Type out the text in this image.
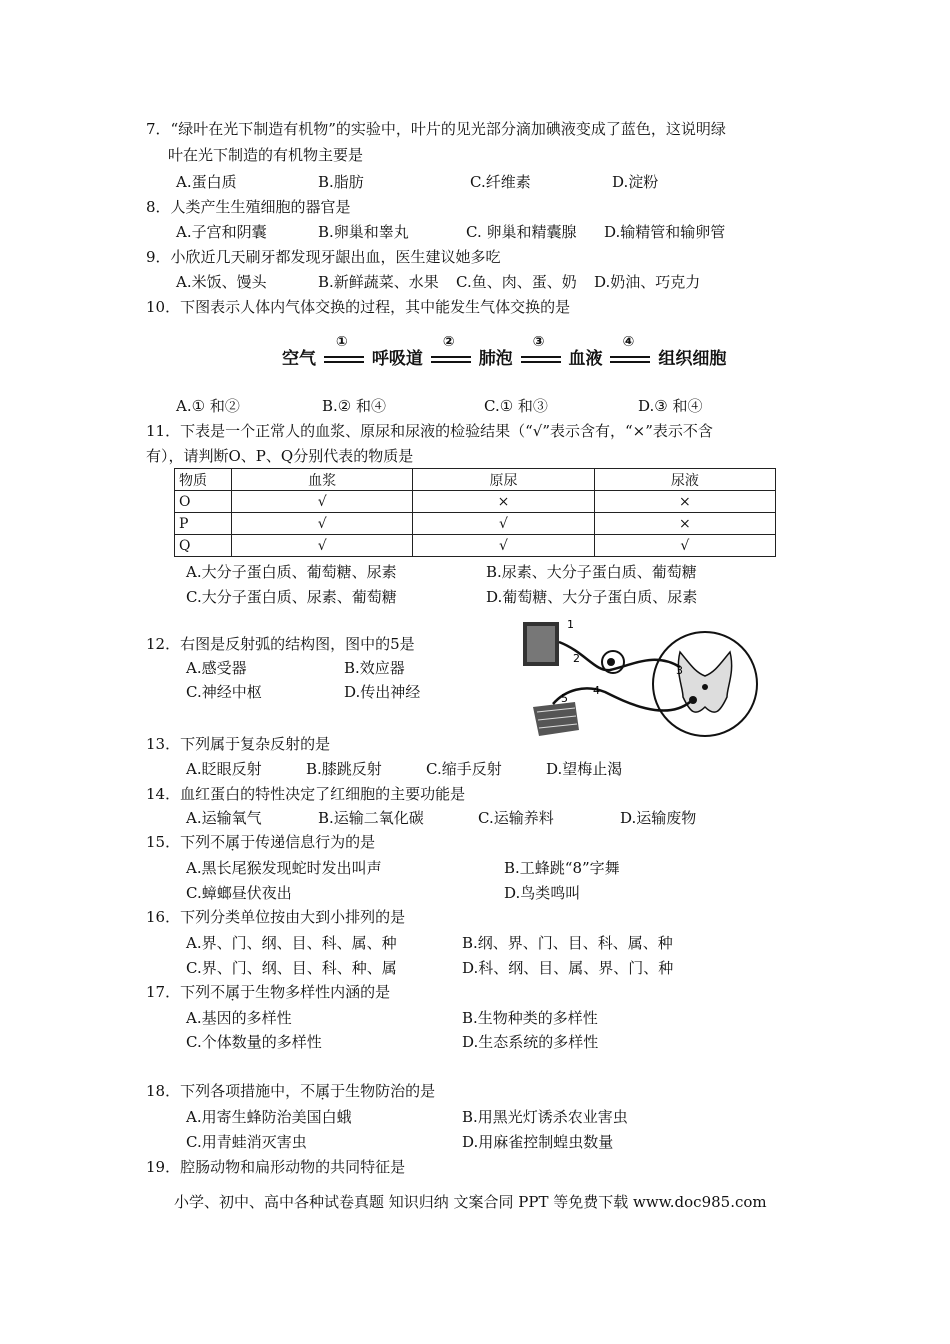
7．“绿叶在光下制造有机物”的实验中，叶片的见光部分滴加碘液变成了蓝色，这说明绿
叶在光下制造的有机物主要是
A.蛋白质	B.脂肪	C.纤维素	D.淀粉
8．人类产生生殖细胞的器官是
A.子宫和阴囊	B.卵巢和睾丸	C. 卵巢和精囊腺 D.输精管和输卵管
9．小欣近几天刷牙都发现牙龈出血，医生建议她多吃
A.米饭、馒头	B.新鲜蔬菜、水果 C.鱼、肉、蛋、奶 D.奶油、巧克力
10．下图表示人体内气体交换的过程，其中能发生气体交换的是
空气
①
呼吸道
②
肺泡
③
血液
④
组织细胞
A.① 和②	B.② 和④	C.① 和③	D.③ 和④
11．下表是一个正常人的血浆、原尿和尿液的检验结果（“√”表示含有，“×”表示不含
有），请判断O、P、Q分别代表的物质是
物质	血浆	原尿	尿液
O	√	×	×
P	√	√	×
Q	√	√	√
A.大分子蛋白质、葡萄糖、尿素	B.尿素、大分子蛋白质、葡萄糖
C.大分子蛋白质、尿素、葡萄糖	D.葡萄糖、大分子蛋白质、尿素
12．右图是反射弧的结构图，图中的5是
A.感受器	B.效应器
C.神经中枢	D.传出神经
1
2
3
4
5
13．下列属于复杂反射的是
A.眨眼反射	B.膝跳反射	C.缩手反射	D.望梅止渴
14．血红蛋白的特性决定了红细胞的主要功能是
A.运输氧气	B.运输二氧化碳	C.运输养料	D.运输废物
15．下列不属于传递信息行为的是
A.黑长尾猴发现蛇时发出叫声	B.工蜂跳“8”字舞
C.蟑螂昼伏夜出	D.鸟类鸣叫
16．下列分类单位按由大到小排列的是
A.界、门、纲、目、科、属、种	B.纲、界、门、目、科、属、种
C.界、门、纲、目、科、种、属	D.科、纲、目、属、界、门、种
17．下列不属于生物多样性内涵的是
A.基因的多样性	B.生物种类的多样性
C.个体数量的多样性	D.生态系统的多样性
18．下列各项措施中，不属于生物防治的是
A.用寄生蜂防治美国白蛾	B.用黑光灯诱杀农业害虫
C.用青蛙消灭害虫	D.用麻雀控制蝗虫数量
19．腔肠动物和扁形动物的共同特征是
小学、初中、高中各种试卷真题 知识归纳 文案合同 PPT 等免费下载 www.doc985.com
